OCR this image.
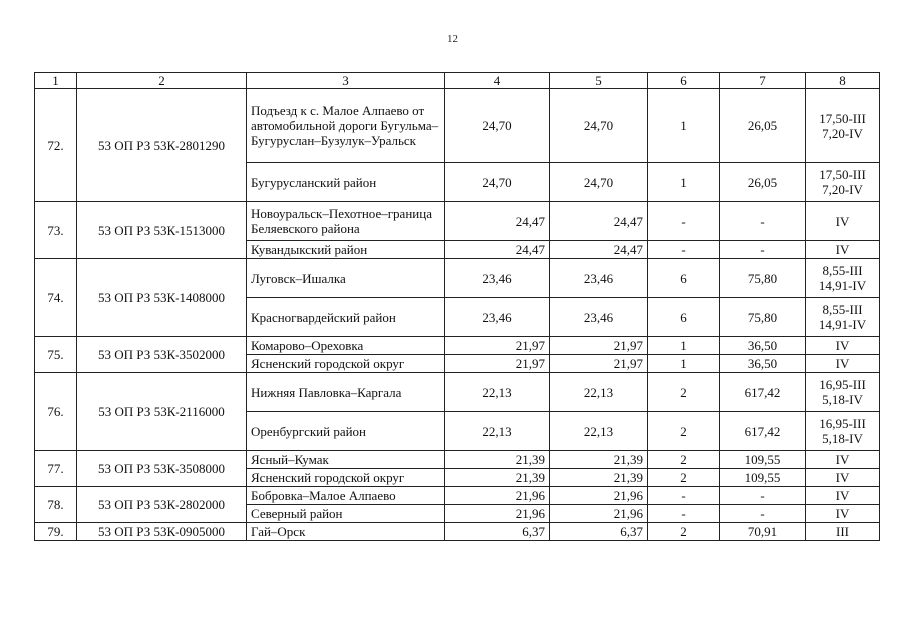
12
1	2	3	4	5	6	7	8
72.	53 ОП РЗ 53К-2801290	Подъезд к с. Малое Алпаево от автомобильной дороги Бугульма–Бугуруслан–Бузулук–Уральск	24,70	24,70	1	26,05	17,50-III
7,20-IV

		Бугурусланский район	24,70	24,70	1	26,05	17,50-III
7,20-IV

73.	53 ОП РЗ 53К-1513000	Новоуральск–Пехотное–граница Беляевского района	24,47	24,47	-	-	IV

		Кувандыкский район	24,47	24,47	-	-	IV

74.	53 ОП РЗ 53К-1408000	Луговск–Ишалка	23,46	23,46	6	75,80	8,55-III
14,91-IV

		Красногвардейский район	23,46	23,46	6	75,80	8,55-III
14,91-IV

75.	53 ОП РЗ 53К-3502000	Комарово–Ореховка	21,97	21,97	1	36,50	IV

		Ясненский городской округ	21,97	21,97	1	36,50	IV

76.	53 ОП РЗ 53К-2116000	Нижняя Павловка–Каргала	22,13	22,13	2	617,42	16,95-III
5,18-IV

		Оренбургский район	22,13	22,13	2	617,42	16,95-III
5,18-IV

77.	53 ОП РЗ 53К-3508000	Ясный–Кумак	21,39	21,39	2	109,55	IV

		Ясненский городской округ	21,39	21,39	2	109,55	IV

78.	53 ОП РЗ 53К-2802000	Бобровка–Малое Алпаево	21,96	21,96	-	-	IV

		Северный район	21,96	21,96	-	-	IV

79.	53 ОП РЗ 53К-0905000	Гай–Орск	6,37	6,37	2	70,91	III
